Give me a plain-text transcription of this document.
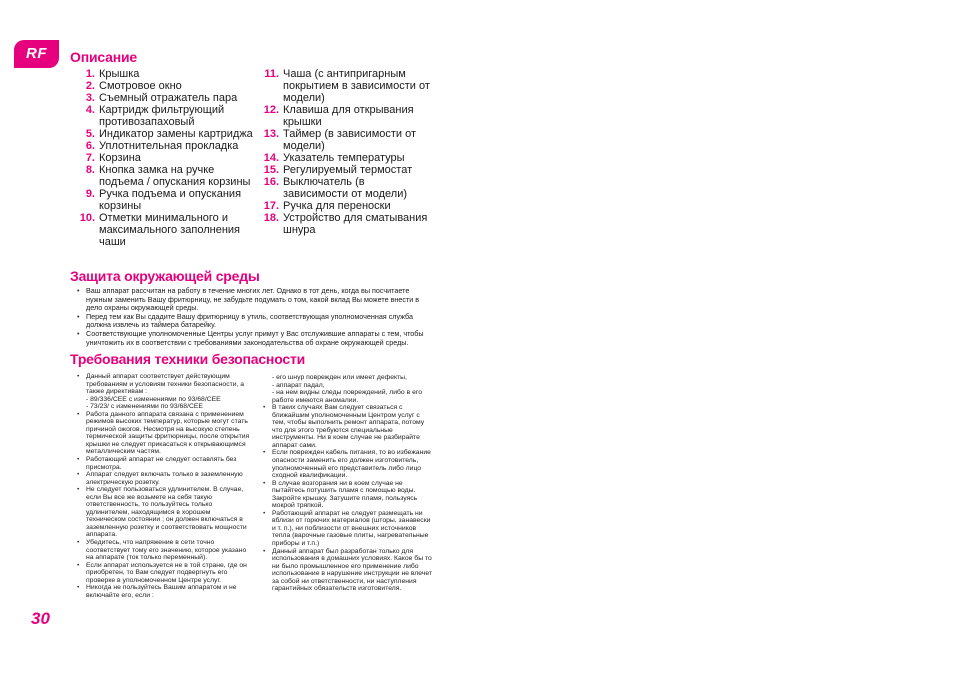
RF	Описание
1. Крышка
2. Смотровое окно
3. Съемный отражатель пара
4. Картридж фильтрующий противозапаховый
5. Индикатор замены картриджа
6. Уплотнительная прокладка
7. Корзина
8. Кнопка замка на ручке подъема / опускания корзины
9. Ручка подъема и опускания корзины
10. Отметки минимального и максимального заполнения чаши
11. Чаша (с антипригарным покрытием в зависимости от модели)
12. Клавиша для открывания крышки
13. Таймер (в зависимости от модели)
14. Указатель температуры
15. Регулируемый термостат
16. Выключатель (в зависимости от модели)
17. Ручка для переноски
18. Устройство для сматывания шнура
Защита окружающей среды
• Ваш аппарат рассчитан на работу в течение многих лет. Однако в тот день, когда вы посчитаете нужным заменить Вашу фритюрницу, не забудьте подумать о том, какой вклад Вы можете внести в дело охраны окружающей среды.
• Перед тем как Вы сдадите Вашу фритюрницу в утиль, соответствующая уполномоченная служба должна извлечь из таймера батарейку.
• Соответствующие уполномоченные Центры услуг примут у Вас отслужившие аппараты с тем, чтобы уничтожить их в соответствии с требованиями законодательства об охране окружающей среды.
Требования техники безопасности
• Данный аппарат соответствует действующим требованиям и условиям техники безопасности, а также директивам :
- 89/336/CEE с изменениями по 93/68/CEE
- 73/23/ с изменениями по 93/68/CEE
• Работа данного аппарата связана с применением режимов высоких температур, которые могут стать причиной ожогов. Несмотря на высокую степень термической защиты фритюрницы, после открытия крышки не следует прикасаться к открывающимся металлическим частям.
• Работающий аппарат не следует оставлять без присмотра.
• Аппарат следует включать только в заземленную электрическую розетку.
• Не следует пользоваться удлинителем. В случае, если Вы все же возьмете на себя такую ответственность, то пользуйтесь только удлинителем, находящимся в хорошем техническом состоянии ; он должен включаться в заземленную розетку и соответствовать мощности аппарата.
• Убедитесь, что напряжение в сети точно соответствует тому его значению, которое указано на аппарате (ток только переменный).
• Если аппарат используется не в той стране, где он приобретен, то Вам следует подвергнуть его проверке в уполномоченном Центре услуг.
• Никогда не пользуйтесь Вашим аппаратом и не включайте его, если :
- его шнур поврежден или имеет дефекты,
- аппарат падал,
- на нем видны следы повреждений, либо в его работе имеются аномалии.
• В таких случаях Вам следует связаться с ближайшим уполномоченным Центром услуг с тем, чтобы выполнить ремонт аппарата, потому что для этого требуются специальные инструменты. Ни в коем случае не разбирайте аппарат сами.
• Если поврежден кабель питания, то во избежание опасности заменить его должен изготовитель, уполномоченный его представитель либо лицо сходной квалификации.
• В случае возгорания ни в коем случае не пытайтесь потушить пламя с помощью воды. Закройте крышку. Затушите пламя, пользуясь мокрой тряпкой.
• Работающий аппарат не следует размещать ни вблизи от горючих материалов (шторы, занавески и т. п.), ни поблизости от внешних источников тепла (варочные газовые плиты, нагревательные приборы и т.п.)
• Данный аппарат был разработан только для использования в домашних условиях. Какое бы то ни было промышленное его применение либо использование в нарушение инструкции не влечет за собой ни ответственности, ни наступления гарантийных обязательств изготовителя.
30
